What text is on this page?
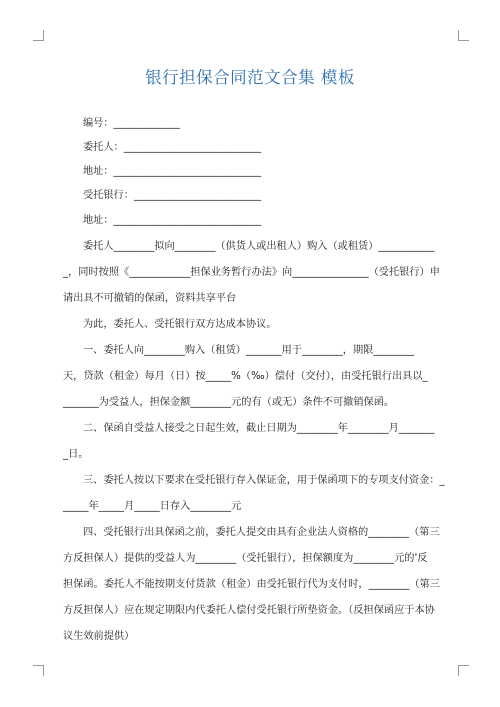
银行担保合同范文合集 模板
编号：_____________
委托人：___________________________
地址：_____________________________
受托银行：_________________________
地址：_____________________________
委托人________拟向________（供货人或出租人）购入（或租赁）___________
_，同时按照《____________担保业务暂行办法》向_______________（受托银行）申
请出具不可撤销的保函，资料共享平台
为此，委托人、受托银行双方达成本协议。
一、委托人向________购入（租赁）_______用于________，期限________
天，贷款（租金）每月（日）按_____%（‰）偿付（交付），由受托银行出具以_
_______为受益人，担保金额________元的有（或无）条件不可撤销保函。
二、保函自受益人接受之日起生效，截止日期为________年________月_______
_日。
三、委托人按以下要求在受托银行存入保证金，用于保函项下的专项支付资金：_
_____年_____月_____日存入________元
四、受托银行出具保函之前，委托人提交由具有企业法人资格的________（第三
方反担保人）提供的受益人为________（受托银行），担保额度为________元的'反
担保函。委托人不能按期支付货款（租金）由受托银行代为支付时，________（第三
方反担保人）应在规定期限内代委托人偿付受托银行所垫资金。（反担保函应于本协
议生效前提供）
